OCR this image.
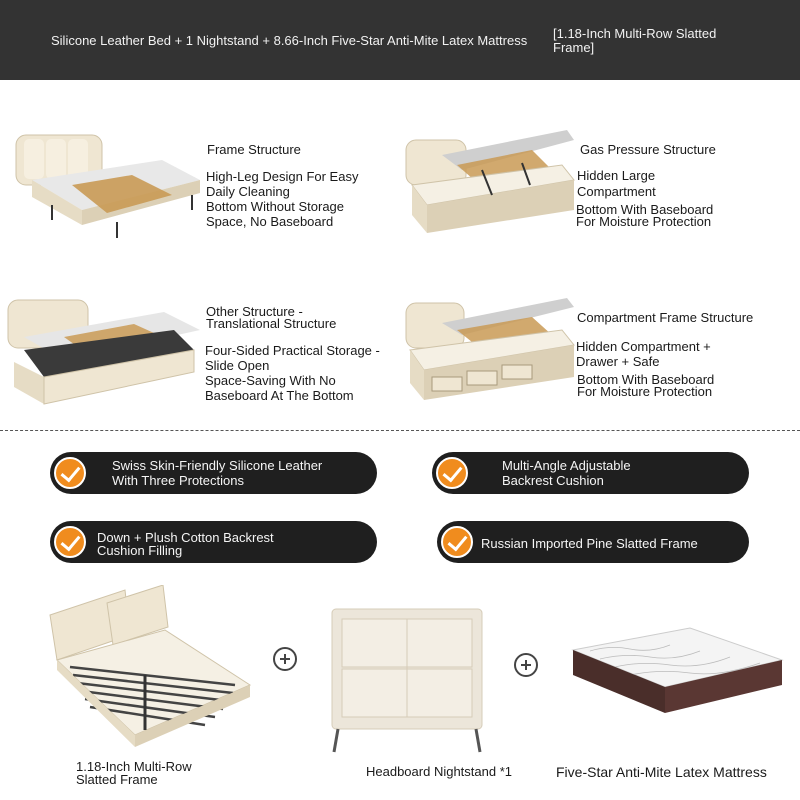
Silicone Leather Bed + 1 Nightstand + 8.66-Inch Five-Star Anti-Mite Latex Mattress [1.18-Inch Multi-Row Slatted Frame]
Frame Structure
High-Leg Design For Easy
Daily Cleaning
Bottom Without Storage
Space, No Baseboard
Gas Pressure Structure
Hidden Large
Compartment
Bottom With Baseboard
For Moisture Protection
Other Structure - Translational Structure
Four-Sided Practical Storage -
Slide Open
Space-Saving With No
Baseboard At The Bottom
Compartment Frame Structure
Hidden Compartment +
Drawer + Safe
Bottom With Baseboard
For Moisture Protection
Swiss Skin-Friendly Silicone Leather With Three Protections
Multi-Angle Adjustable Backrest Cushion
Down + Plush Cotton Backrest Cushion Filling	Russian Imported Pine Slatted Frame
1.18-Inch Multi-Row Slatted Frame
Headboard Nightstand *1	Five-Star Anti-Mite Latex Mattress
